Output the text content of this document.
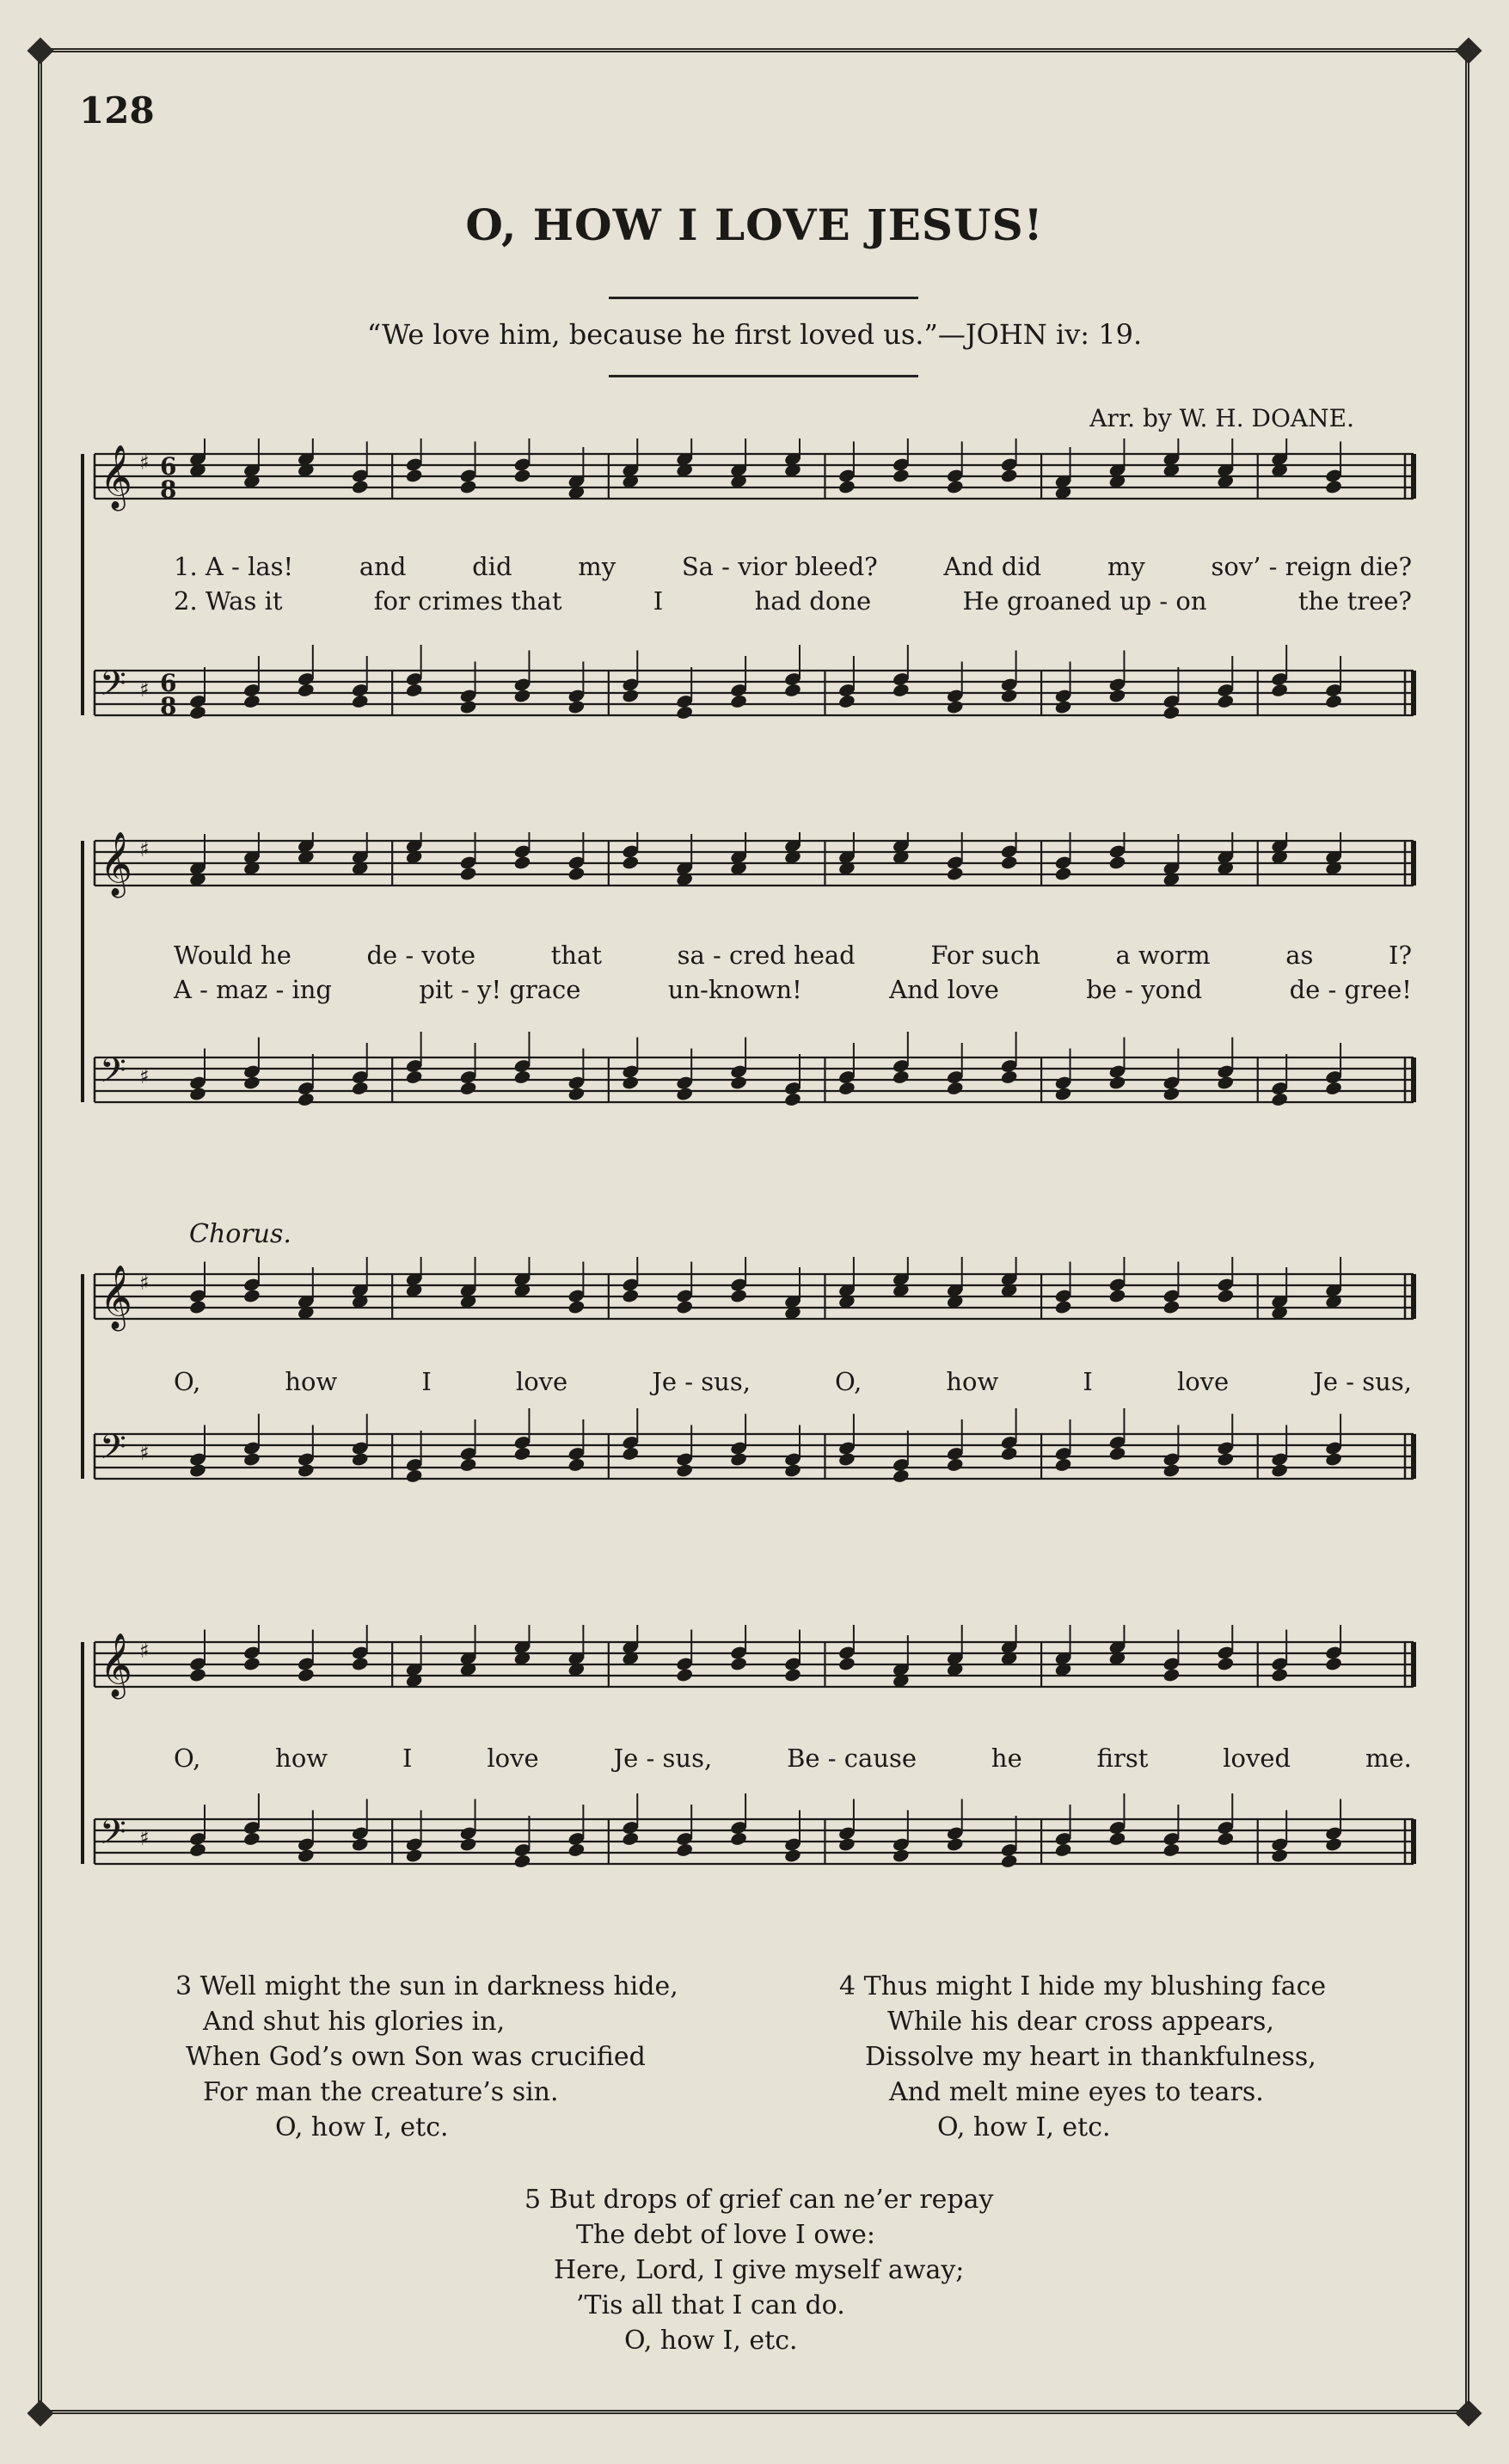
128
O, HOW I LOVE JESUS!
“We love him, because he first loved us.”—JOHN iv: 19.
Arr. by W. H. DOANE.
𝄞 ♯ 6
8
𝄢 ♯ 6
8
1. A - las!	and	did	my	Sa - vior bleed?	And did	my	sov’ - reign die?
2. Was it	for crimes that	I	had done	He groaned up - on	the tree?
𝄞 ♯
𝄢 ♯
Would he	de - vote	that	sa - cred head	For such	a worm	as	I?
A - maz - ing	pit - y! grace	un-known!	And love	be - yond	de - gree!
Chorus.
𝄞 ♯
𝄢 ♯
O,	how	I	love	Je - sus,	O,	how	I	love	Je - sus,
𝄞 ♯
𝄢 ♯
O,	how	I	love	Je - sus,	Be - cause	he	first	loved	me.
3 Well might the sun in darkness hide,
And shut his glories in,
When God’s own Son was crucified
For man the creature’s sin.
O, how I, etc.
4 Thus might I hide my blushing face
While his dear cross appears,
Dissolve my heart in thankfulness,
And melt mine eyes to tears.
O, how I, etc.
5 But drops of grief can ne’er repay
The debt of love I owe:
Here, Lord, I give myself away;
’Tis all that I can do.
O, how I, etc.
